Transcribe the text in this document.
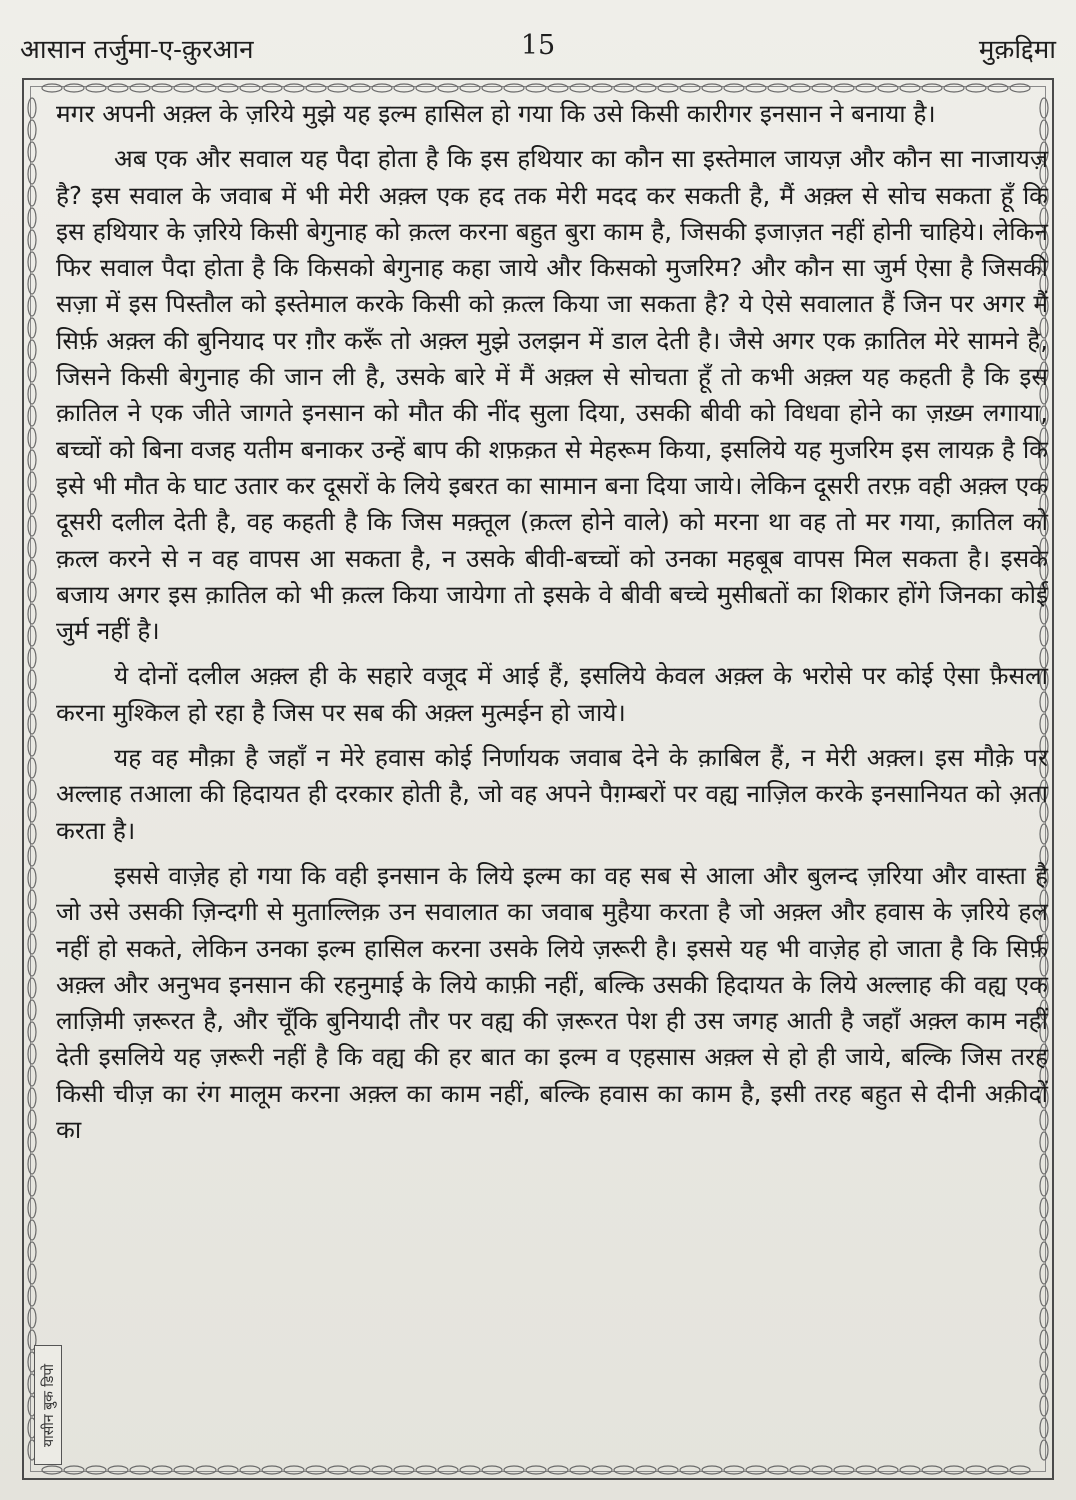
आसान तर्जुमा-ए-क़ुरआन	15	मुक़द्दिमा

मगर अपनी अक़्ल के ज़रिये मुझे यह इल्म हासिल हो गया कि उसे किसी कारीगर इनसान ने बनाया है।

अब एक और सवाल यह पैदा होता है कि इस हथियार का कौन सा इस्तेमाल जायज़ और कौन सा नाजायज़ है? इस सवाल के जवाब में भी मेरी अक़्ल एक हद तक मेरी मदद कर सकती है, मैं अक़्ल से सोच सकता हूँ कि इस हथियार के ज़रिये किसी बेगुनाह को क़त्ल करना बहुत बुरा काम है, जिसकी इजाज़त नहीं होनी चाहिये। लेकिन फिर सवाल पैदा होता है कि किसको बेगुनाह कहा जाये और किसको मुजरिम? और कौन सा जुर्म ऐसा है जिसकी सज़ा में इस पिस्तौल को इस्तेमाल करके किसी को क़त्ल किया जा सकता है? ये ऐसे सवालात हैं जिन पर अगर मैं सिर्फ़ अक़्ल की बुनियाद पर ग़ौर करूँ तो अक़्ल मुझे उलझन में डाल देती है। जैसे अगर एक क़ातिल मेरे सामने है, जिसने किसी बेगुनाह की जान ली है, उसके बारे में मैं अक़्ल से सोचता हूँ तो कभी अक़्ल यह कहती है कि इस क़ातिल ने एक जीते जागते इनसान को मौत की नींद सुला दिया, उसकी बीवी को विधवा होने का ज़ख़्म लगाया, बच्चों को बिना वजह यतीम बनाकर उन्हें बाप की शफ़क़त से मेहरूम किया, इसलिये यह मुजरिम इस लायक़ है कि इसे भी मौत के घाट उतार कर दूसरों के लिये इबरत का सामान बना दिया जाये। लेकिन दूसरी तरफ़ वही अक़्ल एक दूसरी दलील देती है, वह कहती है कि जिस मक़्तूल (क़त्ल होने वाले) को मरना था वह तो मर गया, क़ातिल को क़त्ल करने से न वह वापस आ सकता है, न उसके बीवी-बच्चों को उनका महबूब वापस मिल सकता है। इसके बजाय अगर इस क़ातिल को भी क़त्ल किया जायेगा तो इसके वे बीवी बच्चे मुसीबतों का शिकार होंगे जिनका कोई जुर्म नहीं है।

ये दोनों दलील अक़्ल ही के सहारे वजूद में आई हैं, इसलिये केवल अक़्ल के भरोसे पर कोई ऐसा फ़ैसला करना मुश्किल हो रहा है जिस पर सब की अक़्ल मुत्मईन हो जाये।

यह वह मौक़ा है जहाँ न मेरे हवास कोई निर्णायक जवाब देने के क़ाबिल हैं, न मेरी अक़्ल। इस मौक़े पर अल्लाह तआला की हिदायत ही दरकार होती है, जो वह अपने पैग़म्बरों पर वह्य नाज़िल करके इनसानियत को अ़ता करता है।

इससे वाज़ेह हो गया कि वही इनसान के लिये इल्म का वह सब से आला और बुलन्द ज़रिया और वास्ता है जो उसे उसकी ज़िन्दगी से मुताल्लिक़ उन सवालात का जवाब मुहैया करता है जो अक़्ल और हवास के ज़रिये हल नहीं हो सकते, लेकिन उनका इल्म हासिल करना उसके लिये ज़रूरी है। इससे यह भी वाज़ेह हो जाता है कि सिर्फ़ अक़्ल और अनुभव इनसान की रहनुमाई के लिये काफ़ी नहीं, बल्कि उसकी हिदायत के लिये अल्लाह की वह्य एक लाज़िमी ज़रूरत है, और चूँकि बुनियादी तौर पर वह्य की ज़रूरत पेश ही उस जगह आती है जहाँ अक़्ल काम नहीं देती इसलिये यह ज़रूरी नहीं है कि वह्य की हर बात का इल्म व एहसास अक़्ल से हो ही जाये, बल्कि जिस तरह किसी चीज़ का रंग मालूम करना अक़्ल का काम नहीं, बल्कि हवास का काम है, इसी तरह बहुत से दीनी अक़ीदों का

यासीन बुक डिपो
